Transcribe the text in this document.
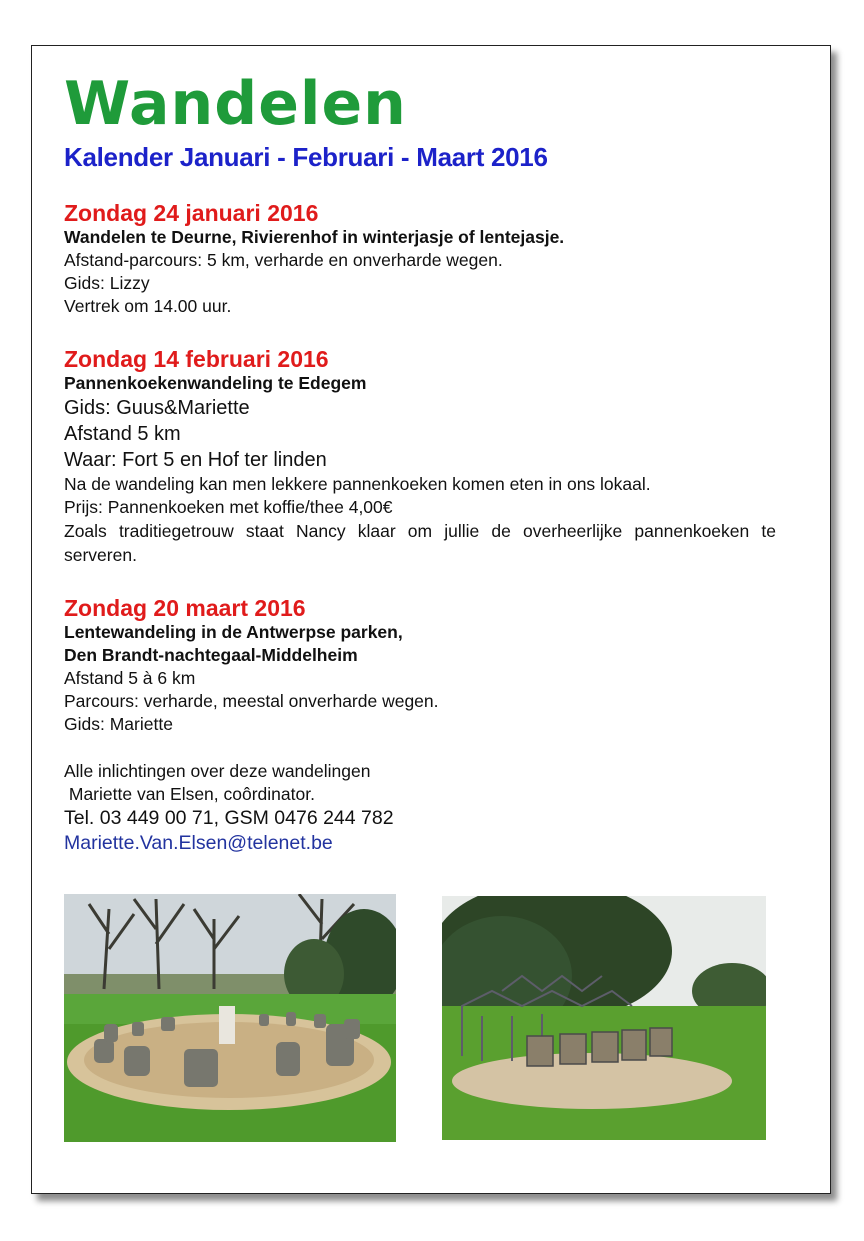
Wandelen
Kalender Januari - Februari - Maart 2016
Zondag 24 januari 2016
Wandelen te Deurne, Rivierenhof in winterjasje of lentejasje.
Afstand-parcours: 5 km, verharde en onverharde wegen.
Gids: Lizzy
Vertrek om 14.00 uur.
Zondag 14 februari 2016
Pannenkoekenwandeling te Edegem
Gids: Guus&Mariette
Afstand 5 km
Waar: Fort 5 en Hof ter linden
Na de wandeling kan men lekkere pannenkoeken komen eten in ons lokaal.
Prijs: Pannenkoeken met koffie/thee 4,00€
Zoals traditiegetrouw staat Nancy klaar om jullie de overheerlijke pannenkoeken te serveren.
Zondag 20 maart 2016
Lentewandeling in de Antwerpse parken,
Den Brandt-nachtegaal-Middelheim
Afstand 5 à 6 km
Parcours: verharde, meestal onverharde wegen.
Gids: Mariette
Alle inlichtingen over deze wandelingen
Mariette van Elsen, coôrdinator.
Tel. 03 449 00 71, GSM 0476 244 782
Mariette.Van.Elsen@telenet.be
